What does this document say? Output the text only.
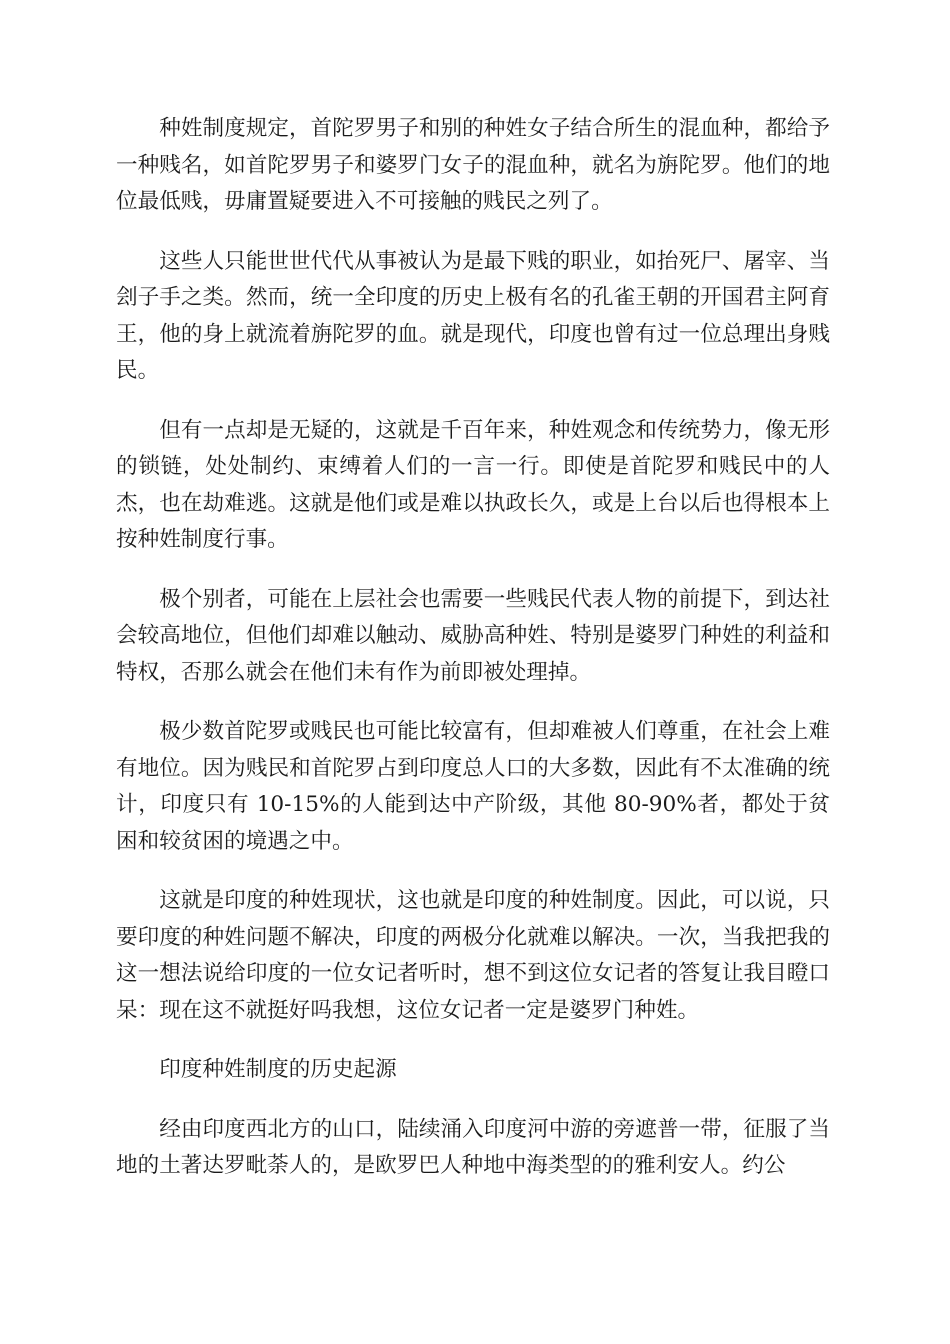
种姓制度规定，首陀罗男子和别的种姓女子结合所生的混血种，都给予一种贱名，如首陀罗男子和婆罗门女子的混血种，就名为旃陀罗。他们的地位最低贱，毋庸置疑要进入不可接触的贱民之列了。

这些人只能世世代代从事被认为是最下贱的职业，如抬死尸、屠宰、当刽子手之类。然而，统一全印度的历史上极有名的孔雀王朝的开国君主阿育王，他的身上就流着旃陀罗的血。就是现代，印度也曾有过一位总理出身贱民。

但有一点却是无疑的，这就是千百年来，种姓观念和传统势力，像无形的锁链，处处制约、束缚着人们的一言一行。即使是首陀罗和贱民中的人杰，也在劫难逃。这就是他们或是难以执政长久，或是上台以后也得根本上按种姓制度行事。

极个别者，可能在上层社会也需要一些贱民代表人物的前提下，到达社会较高地位，但他们却难以触动、威胁高种姓、特别是婆罗门种姓的利益和特权，否那么就会在他们未有作为前即被处理掉。

极少数首陀罗或贱民也可能比较富有，但却难被人们尊重，在社会上难有地位。因为贱民和首陀罗占到印度总人口的大多数，因此有不太准确的统计，印度只有 10-15%的人能到达中产阶级，其他 80-90%者，都处于贫困和较贫困的境遇之中。

这就是印度的种姓现状，这也就是印度的种姓制度。因此，可以说，只要印度的种姓问题不解决，印度的两极分化就难以解决。一次，当我把我的这一想法说给印度的一位女记者听时，想不到这位女记者的答复让我目瞪口呆：现在这不就挺好吗我想，这位女记者一定是婆罗门种姓。

印度种姓制度的历史起源

经由印度西北方的山口，陆续涌入印度河中游的旁遮普一带，征服了当地的土著达罗毗荼人的，是欧罗巴人种地中海类型的的雅利安人。约公
